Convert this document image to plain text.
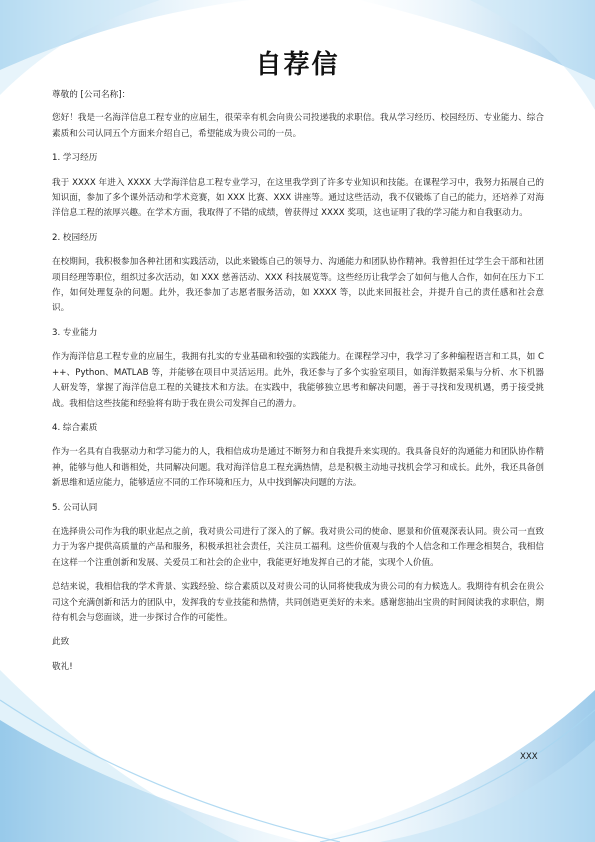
自荐信

尊敬的 [公司名称]：

您好！我是一名海洋信息工程专业的应届生，很荣幸有机会向贵公司投递我的求职信。我从学习经历、校园经历、专业能力、综合素质和公司认同五个方面来介绍自己，希望能成为贵公司的一员。

1. 学习经历

我于 XXXX 年进入 XXXX 大学海洋信息工程专业学习，在这里我学到了许多专业知识和技能。在课程学习中，我努力拓展自己的知识面，参加了多个课外活动和学术竞赛，如 XXX 比赛、XXX 讲座等。通过这些活动，我不仅锻炼了自己的能力，还培养了对海洋信息工程的浓厚兴趣。在学术方面，我取得了不错的成绩，曾获得过 XXXX 奖项，这也证明了我的学习能力和自我驱动力。

2. 校园经历

在校期间，我积极参加各种社团和实践活动，以此来锻炼自己的领导力、沟通能力和团队协作精神。我曾担任过学生会干部和社团项目经理等职位，组织过多次活动，如 XXX 慈善活动、XXX 科技展览等。这些经历让我学会了如何与他人合作，如何在压力下工作，如何处理复杂的问题。此外，我还参加了志愿者服务活动，如 XXXX 等，以此来回报社会，并提升自己的责任感和社会意识。

3. 专业能力

作为海洋信息工程专业的应届生，我拥有扎实的专业基础和较强的实践能力。在课程学习中，我学习了多种编程语言和工具，如 C++、Python、MATLAB 等，并能够在项目中灵活运用。此外，我还参与了多个实验室项目，如海洋数据采集与分析、水下机器人研发等，掌握了海洋信息工程的关键技术和方法。在实践中，我能够独立思考和解决问题，善于寻找和发现机遇，勇于接受挑战。我相信这些技能和经验将有助于我在贵公司发挥自己的潜力。

4. 综合素质

作为一名具有自我驱动力和学习能力的人，我相信成功是通过不断努力和自我提升来实现的。我具备良好的沟通能力和团队协作精神，能够与他人和谐相处，共同解决问题。我对海洋信息工程充满热情，总是积极主动地寻找机会学习和成长。此外，我还具备创新思维和适应能力，能够适应不同的工作环境和压力，从中找到解决问题的方法。

5. 公司认同

在选择贵公司作为我的职业起点之前，我对贵公司进行了深入的了解。我对贵公司的使命、愿景和价值观深表认同。贵公司一直致力于为客户提供高质量的产品和服务，积极承担社会责任，关注员工福利。这些价值观与我的个人信念和工作理念相契合，我相信在这样一个注重创新和发展、关爱员工和社会的企业中，我能更好地发挥自己的才能，实现个人价值。

总结来说，我相信我的学术背景、实践经验、综合素质以及对贵公司的认同将使我成为贵公司的有力候选人。我期待有机会在贵公司这个充满创新和活力的团队中，发挥我的专业技能和热情，共同创造更美好的未来。感谢您抽出宝贵的时间阅读我的求职信，期待有机会与您面谈，进一步探讨合作的可能性。

此致

敬礼!

XXX
